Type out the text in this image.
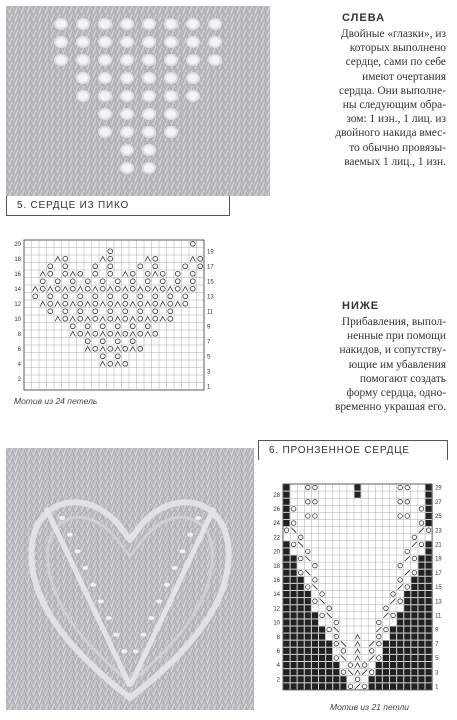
5. СЕРДЦЕ ИЗ ПИКО
СЛЕВА
Двойные «глазки», из
которых выполнено
сердце, сами по себе
имеют очертания
сердца. Они выполне-
ны следующим обра-
зом: 1 изн., 1 лиц. из
двойного накида вмес-
то обычно провязы-
ваемых 1 лиц., 1 изн.
20
18
16
14
12
10
8
6
4
2
19
17
15
13
11
9
7
5
3
1
Мотив из 24 петель
НИЖЕ
Прибавления, выпол-
ненные при помощи
накидов, и сопутству-
ющие им убавления
помогают создать
форму сердца, одно-
временно украшая его.
6. ПРОНЗЕННОЕ СЕРДЦЕ
28
26
24
22
20
18
16
14
12
10
8
6
4
2
29
27
25
23
21
19
17
15
13
11
9
7
5
3
1
Мотив из 21 петли
